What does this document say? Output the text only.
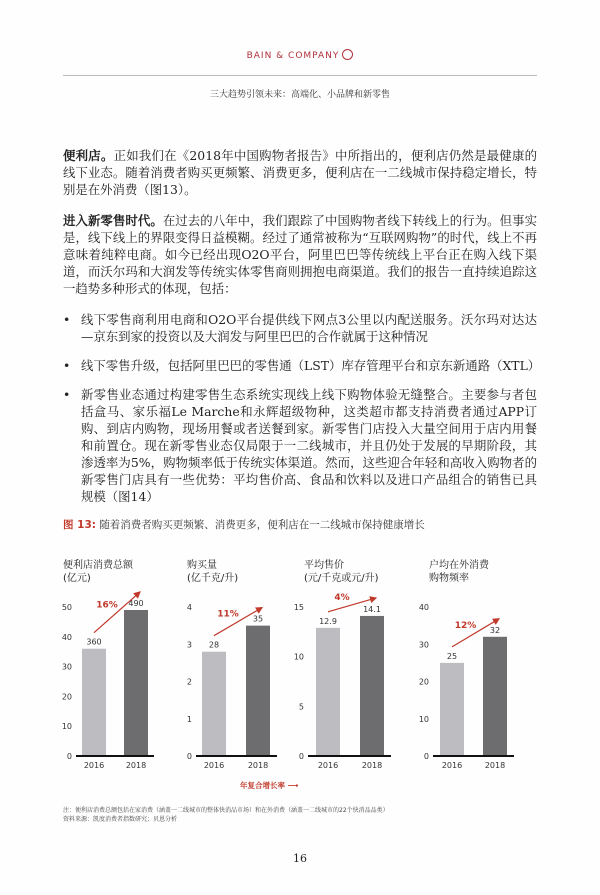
BAIN & COMPANY
三大趋势引领未来：高端化、小品牌和新零售

便利店。正如我们在《2018年中国购物者报告》中所指出的，便利店仍然是最健康的线下业态。随着消费者购买更频繁、消费更多，便利店在一二线城市保持稳定增长，特别是在外消费（图13）。

进入新零售时代。在过去的八年中，我们跟踪了中国购物者线下转线上的行为。但事实是，线下线上的界限变得日益模糊。经过了通常被称为“互联网购物”的时代，线上不再意味着纯粹电商。如今已经出现O2O平台，阿里巴巴等传统线上平台正在购入线下渠道，而沃尔玛和大润发等传统实体零售商则拥抱电商渠道。我们的报告一直持续追踪这一趋势多种形式的体现，包括：

• 线下零售商利用电商和O2O平台提供线下网点3公里以内配送服务。沃尔玛对达达—京东到家的投资以及大润发与阿里巴巴的合作就属于这种情况
• 线下零售升级，包括阿里巴巴的零售通（LST）库存管理平台和京东新通路（XTL）
• 新零售业态通过构建零售生态系统实现线上线下购物体验无缝整合。主要参与者包括盒马、家乐福Le Marche和永辉超级物种，这类超市都支持消费者通过APP订购、到店内购物，现场用餐或者送餐到家。新零售门店投入大量空间用于店内用餐和前置仓。现在新零售业态仅局限于一二线城市，并且仍处于发展的早期阶段，其渗透率为5%，购物频率低于传统实体渠道。然而，这些迎合年轻和高收入购物者的新零售门店具有一些优势：平均售价高、食品和饮料以及进口产品组合的销售已具规模（图14）
图 13: 随着消费者购买更频繁、消费更多，便利店在一二线城市保持健康增长
便利店消费总额
(亿元)
购买量
(亿千克/升)
平均售价
(元/千克或元/升)
户均在外消费
购物频率
0
10
20
30
40
50
360
2016
490
2018
16%
0
1
2
3
4
28
2016
35
2018
11%
0
5
10
15
12.9
2016
14.1
2018
4%
0
10
20
30
40
25
2016
32
2018
12%
年复合增长率 ⟶
注：便利店消费总额包括在家消费（涵盖一二线城市的整体快消品市场）和在外消费（涵盖一二线城市的22个快消品品类）
资料来源：凯度消费者指数研究；贝恩分析
16
